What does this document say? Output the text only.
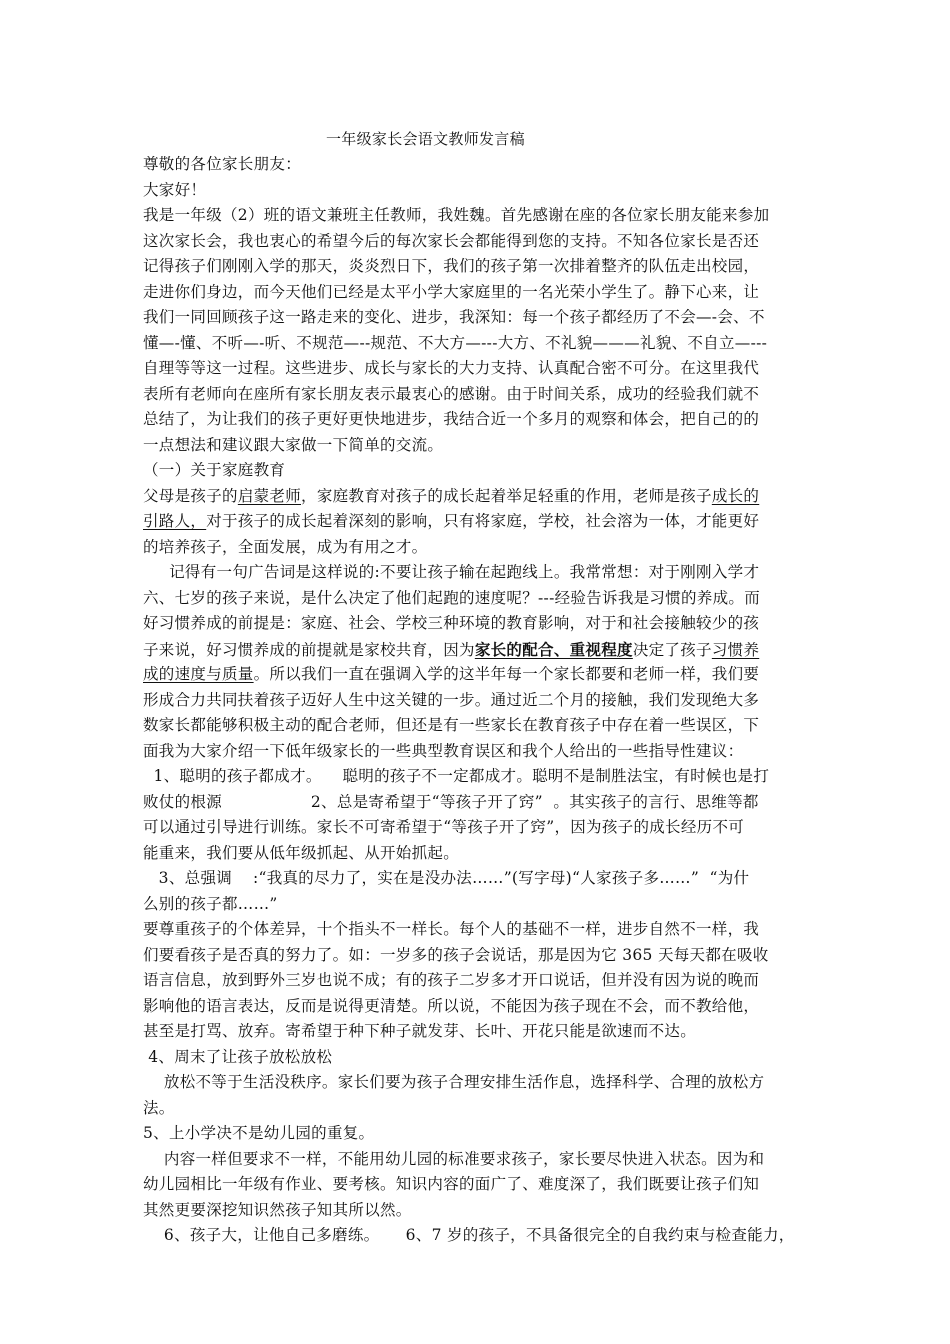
一年级家长会语文教师发言稿
尊敬的各位家长朋友：
大家好！
我是一年级（2）班的语文兼班主任教师，我姓魏。首先感谢在座的各位家长朋友能来参加
这次家长会，我也衷心的希望今后的每次家长会都能得到您的支持。不知各位家长是否还
记得孩子们刚刚入学的那天，炎炎烈日下，我们的孩子第一次排着整齐的队伍走出校园，
走进你们身边，而今天他们已经是太平小学大家庭里的一名光荣小学生了。静下心来，让
我们一同回顾孩子这一路走来的变化、进步，我深知：每一个孩子都经历了不会—-会、不
懂—-懂、不听—-听、不规范—--规范、不大方—---大方、不礼貌———礼貌、不自立—---
自理等等这一过程。这些进步、成长与家长的大力支持、认真配合密不可分。在这里我代
表所有老师向在座所有家长朋友表示最衷心的感谢。由于时间关系，成功的经验我们就不
总结了，为让我们的孩子更好更快地进步，我结合近一个多月的观察和体会，把自己的的
一点想法和建议跟大家做一下简单的交流。
（一）关于家庭教育
父母是孩子的启蒙老师，家庭教育对孩子的成长起着举足轻重的作用，老师是孩子成长的
引路人，对于孩子的成长起着深刻的影响，只有将家庭，学校，社会溶为一体，才能更好
的培养孩子，全面发展，成为有用之才。
记得有一句广告词是这样说的:不要让孩子输在起跑线上。我常常想：对于刚刚入学才
六、七岁的孩子来说，是什么决定了他们起跑的速度呢？---经验告诉我是习惯的养成。而
好习惯养成的前提是：家庭、社会、学校三种环境的教育影响，对于和社会接触较少的孩
子来说，好习惯养成的前提就是家校共育，因为家长的配合、重视程度决定了孩子习惯养
成的速度与质量。所以我们一直在强调入学的这半年每一个家长都要和老师一样，我们要
形成合力共同扶着孩子迈好人生中这关键的一步。通过近二个月的接触，我们发现绝大多
数家长都能够积极主动的配合老师，但还是有一些家长在教育孩子中存在着一些误区，下
面我为大家介绍一下低年级家长的一些典型教育误区和我个人给出的一些指导性建议：
1、聪明的孩子都成才。    聪明的孩子不一定都成才。聪明不是制胜法宝，有时候也是打
败仗的根源                 2、总是寄希望于“等孩子开了窍”  。其实孩子的言行、思维等都
可以通过引导进行训练。家长不可寄希望于“等孩子开了窍”，因为孩子的成长经历不可
能重来，我们要从低年级抓起、从开始抓起。
3、总强调    :“我真的尽力了，实在是没办法……”(写字母)“人家孩子多……”  “为什
么别的孩子都……”
要尊重孩子的个体差异，十个指头不一样长。每个人的基础不一样，进步自然不一样，我
们要看孩子是否真的努力了。如：一岁多的孩子会说话，那是因为它 365 天每天都在吸收
语言信息，放到野外三岁也说不成；有的孩子二岁多才开口说话，但并没有因为说的晚而
影响他的语言表达，反而是说得更清楚。所以说，不能因为孩子现在不会，而不教给他，
甚至是打骂、放弃。寄希望于种下种子就发芽、长叶、开花只能是欲速而不达。
4、周末了让孩子放松放松
放松不等于生活没秩序。家长们要为孩子合理安排生活作息，选择科学、合理的放松方
法。
5、上小学决不是幼儿园的重复。
内容一样但要求不一样，不能用幼儿园的标准要求孩子，家长要尽快进入状态。因为和
幼儿园相比一年级有作业、要考核。知识内容的面广了、难度深了，我们既要让孩子们知
其然更要深挖知识然孩子知其所以然。
6、孩子大，让他自己多磨练。     6、7 岁的孩子，不具备很完全的自我约束与检查能力，
